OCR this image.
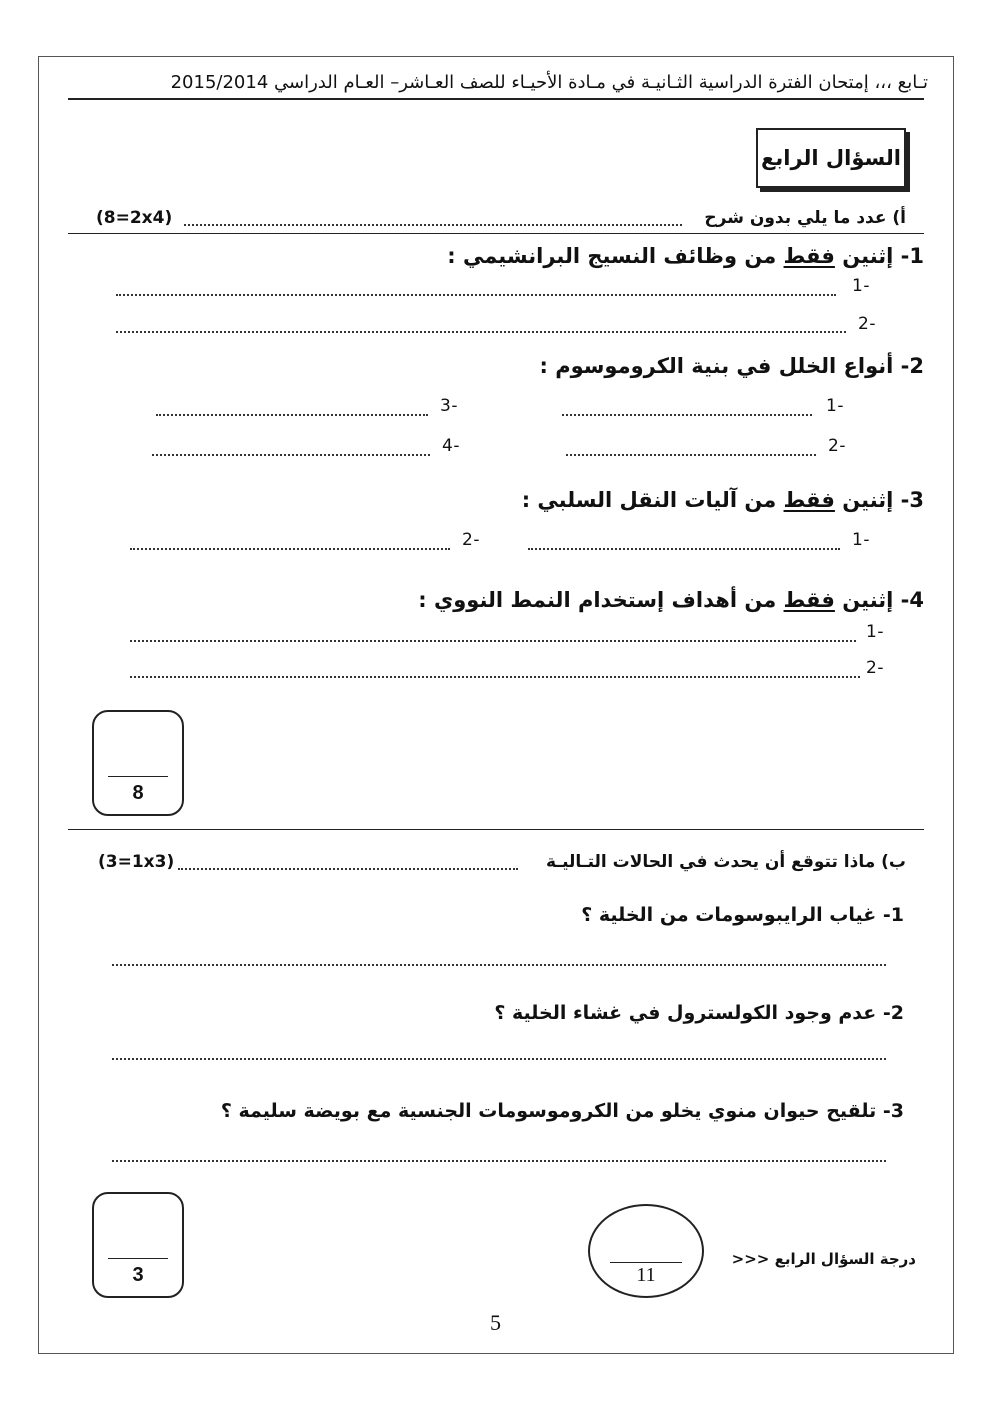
تـابع ،،، إمتحان الفترة الدراسية الثـانيـة في مـادة الأحيـاء للصف العـاشر– العـام الدراسي 2015/2014
السؤال الرابع
أ) عدد ما يلي بدون شرح
(8=2x4)
1- إثنين فقط من وظائف النسيج البرانشيمي :
-1
-2
2- أنواع الخلل في بنية الكروموسوم :
-1
-2
-3
-4
3- إثنين فقط من آليات النقل السلبي :
-1
-2
4- إثنين فقط من أهداف إستخدام النمط النووي :
-1
-2
8
ب) ماذا تتوقع أن يحدث في الحالات التـاليـة
(3=1x3)
1- غياب الرايبوسومات من الخلية ؟
2- عدم وجود الكولسترول في غشاء الخلية ؟
3- تلقيح حيوان منوي يخلو من الكروموسومات الجنسية مع بويضة سليمة ؟
3	11
درجة السؤال الرابع <<<
5
